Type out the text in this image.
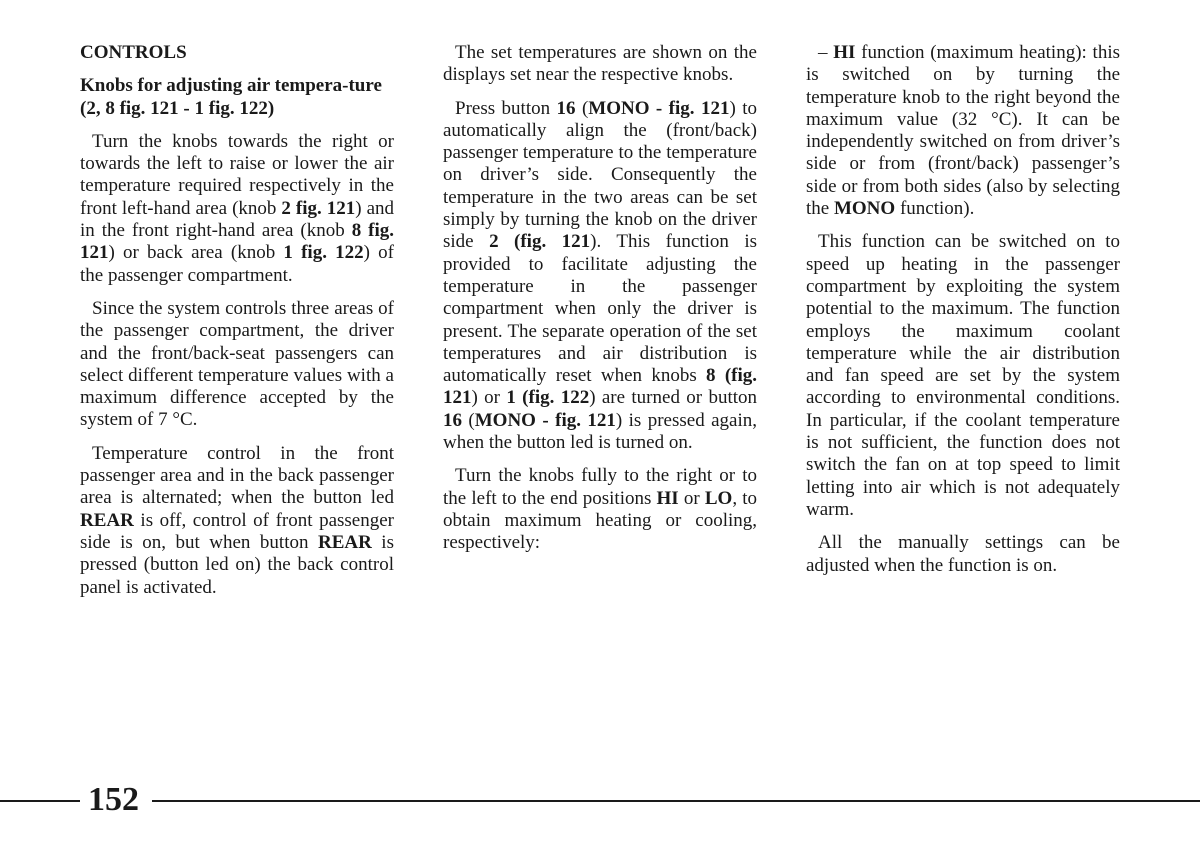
CONTROLS

Knobs for adjusting air tempera-ture (2, 8 fig. 121 - 1 fig. 122)

Turn the knobs towards the right or towards the left to raise or lower the air temperature required respectively in the front left-hand area (knob 2 fig. 121) and in the front right-hand area (knob 8 fig. 121) or back area (knob 1 fig. 122) of the passenger compartment.

Since the system controls three areas of the passenger compartment, the driver and the front/back-seat passengers can select different temperature values with a maximum difference accepted by the system of 7 °C.

Temperature control in the front passenger area and in the back passenger area is alternated; when the button led REAR is off, control of front passenger side is on, but when button REAR is pressed (button led on) the back control panel is activated.

The set temperatures are shown on the displays set near the respective knobs.

Press button 16 (MONO - fig. 121) to automatically align the (front/back) passenger temperature to the temperature on driver’s side. Consequently the temperature in the two areas can be set simply by turning the knob on the driver side 2 (fig. 121). This function is provided to facilitate adjusting the temperature in the passenger compartment when only the driver is present. The separate operation of the set temperatures and air distribution is automatically reset when knobs 8 (fig. 121) or 1 (fig. 122) are turned or button 16 (MONO - fig. 121) is pressed again, when the button led is turned on.

Turn the knobs fully to the right or to the left to the end positions HI or LO, to obtain maximum heating or cooling, respectively:

– HI function (maximum heating): this is switched on by turning the temperature knob to the right beyond the maximum value (32 °C). It can be independently switched on from driver’s side or from (front/back) passenger’s side or from both sides (also by selecting the MONO function).

This function can be switched on to speed up heating in the passenger compartment by exploiting the system potential to the maximum. The function employs the maximum coolant temperature while the air distribution and fan speed are set by the system according to environmental conditions. In particular, if the coolant temperature is not sufficient, the function does not switch the fan on at top speed to limit letting into air which is not adequately warm.

All the manually settings can be adjusted when the function is on.

152
